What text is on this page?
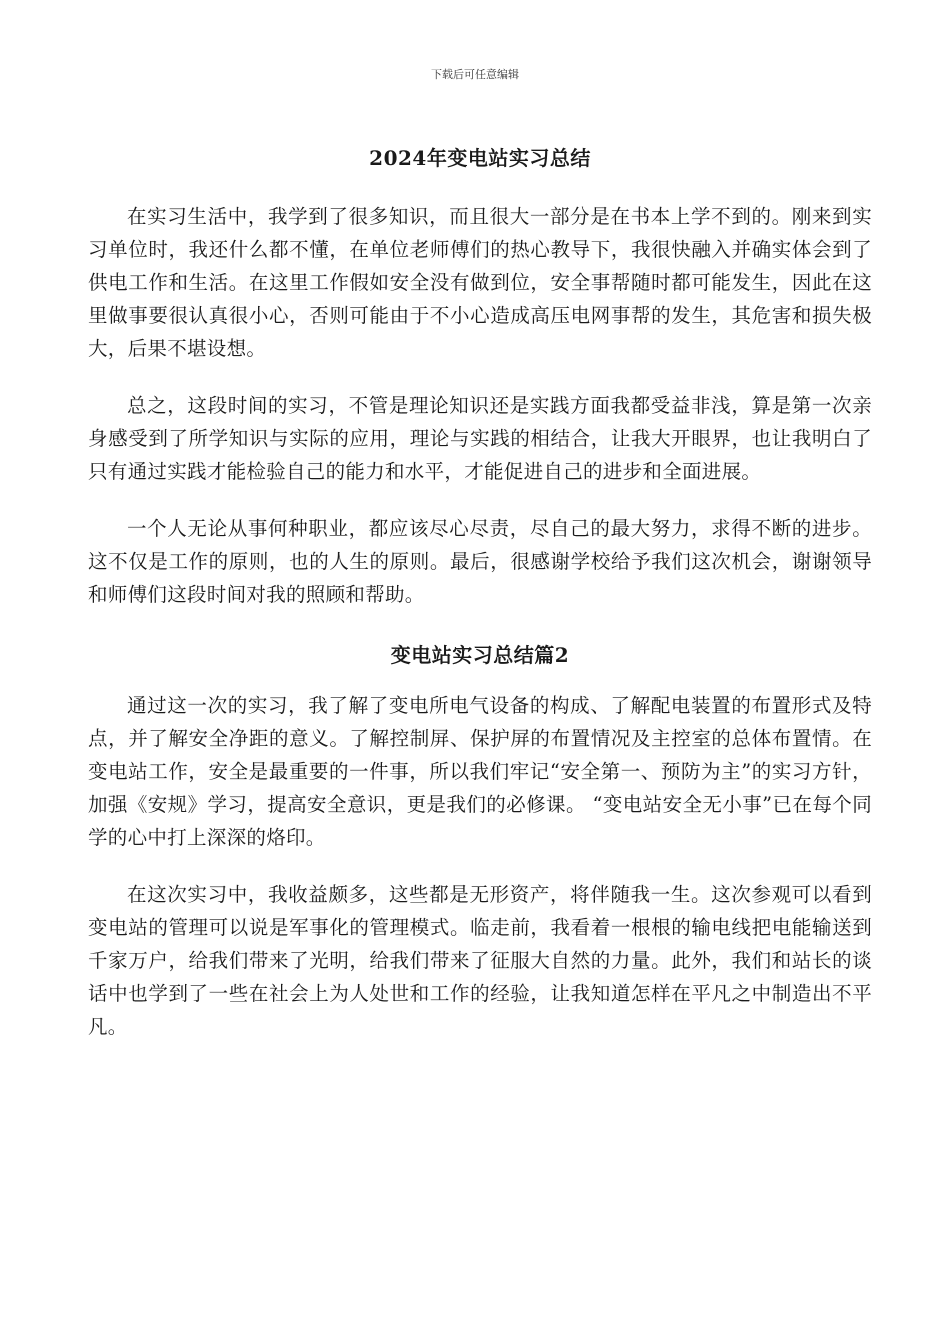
下载后可任意编辑
2024年变电站实习总结

在实习生活中，我学到了很多知识，而且很大一部分是在书本上学不到的。刚来到实习单位时，我还什么都不懂，在单位老师傅们的热心教导下，我很快融入并确实体会到了供电工作和生活。在这里工作假如安全没有做到位，安全事帮随时都可能发生，因此在这里做事要很认真很小心，否则可能由于不小心造成高压电网事帮的发生，其危害和损失极大，后果不堪设想。

总之，这段时间的实习，不管是理论知识还是实践方面我都受益非浅，算是第一次亲身感受到了所学知识与实际的应用，理论与实践的相结合，让我大开眼界，也让我明白了只有通过实践才能检验自己的能力和水平，才能促进自己的进步和全面进展。

一个人无论从事何种职业，都应该尽心尽责，尽自己的最大努力，求得不断的进步。这不仅是工作的原则，也的人生的原则。最后，很感谢学校给予我们这次机会，谢谢领导和师傅们这段时间对我的照顾和帮助。

变电站实习总结篇2

通过这一次的实习，我了解了变电所电气设备的构成、了解配电装置的布置形式及特点，并了解安全净距的意义。了解控制屏、保护屏的布置情况及主控室的总体布置情。在变电站工作，安全是最重要的一件事，所以我们牢记“安全第一、预防为主”的实习方针，加强《安规》学习，提高安全意识，更是我们的必修课。 “变电站安全无小事”已在每个同学的心中打上深深的烙印。

在这次实习中，我收益颇多，这些都是无形资产，将伴随我一生。这次参观可以看到变电站的管理可以说是军事化的管理模式。临走前，我看着一根根的输电线把电能输送到千家万户，给我们带来了光明，给我们带来了征服大自然的力量。此外，我们和站长的谈话中也学到了一些在社会上为人处世和工作的经验，让我知道怎样在平凡之中制造出不平凡。
